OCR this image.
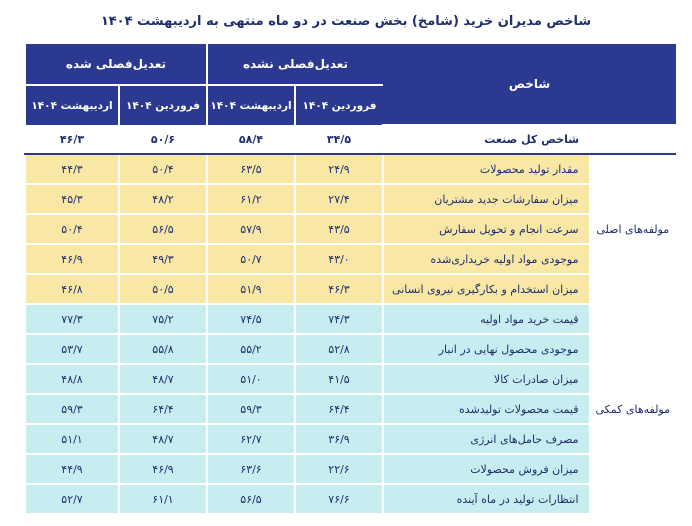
شاخص مدیران خرید (شامخ) بخش صنعت در دو ماه منتهی به اردیبهشت ۱۴۰۴
شاخص		تعدیل‌فصلی نشده		تعدیل‌فصلی شده	
		فروردین ۱۴۰۴	اردیبهشت ۱۴۰۴	فروردین ۱۴۰۴	اردیبهشت ۱۴۰۴
	شاخص کل صنعت	۳۴/۵	۵۸/۴	۵۰/۶	۴۶/۳
مولفه‌های اصلی	مقدار تولید محصولات	۲۴/۹	۶۳/۵	۵۰/۴	۴۴/۳
	میزان سفارشات جدید مشتریان	۲۷/۴	۶۱/۲	۴۸/۲	۴۵/۳
	سرعت انجام و تحویل سفارش	۴۳/۵	۵۷/۹	۵۶/۵	۵۰/۴
	موجودی مواد اولیه خریداری‌شده	۴۳/۰	۵۰/۷	۴۹/۳	۴۶/۹
	میزان استخدام و بکارگیری نیروی انسانی	۴۶/۳	۵۱/۹	۵۰/۵	۴۶/۸
مولفه‌های کمکی	قیمت خرید مواد اولیه	۷۴/۳	۷۴/۵	۷۵/۲	۷۷/۳
	موجودی محصول نهایی در انبار	۵۲/۸	۵۵/۲	۵۵/۸	۵۳/۷
	میزان صادرات کالا	۴۱/۵	۵۱/۰	۴۸/۷	۴۸/۸
	قیمت محصولات تولیدشده	۶۴/۴	۵۹/۳	۶۴/۴	۵۹/۳
	مصرف حامل‌های انرژی	۳۶/۹	۶۲/۷	۴۸/۷	۵۱/۱
	میزان فروش محصولات	۲۲/۶	۶۳/۶	۴۶/۹	۴۴/۹
	انتظارات تولید در ماه آینده	۷۶/۶	۵۶/۵	۶۱/۱	۵۲/۷
